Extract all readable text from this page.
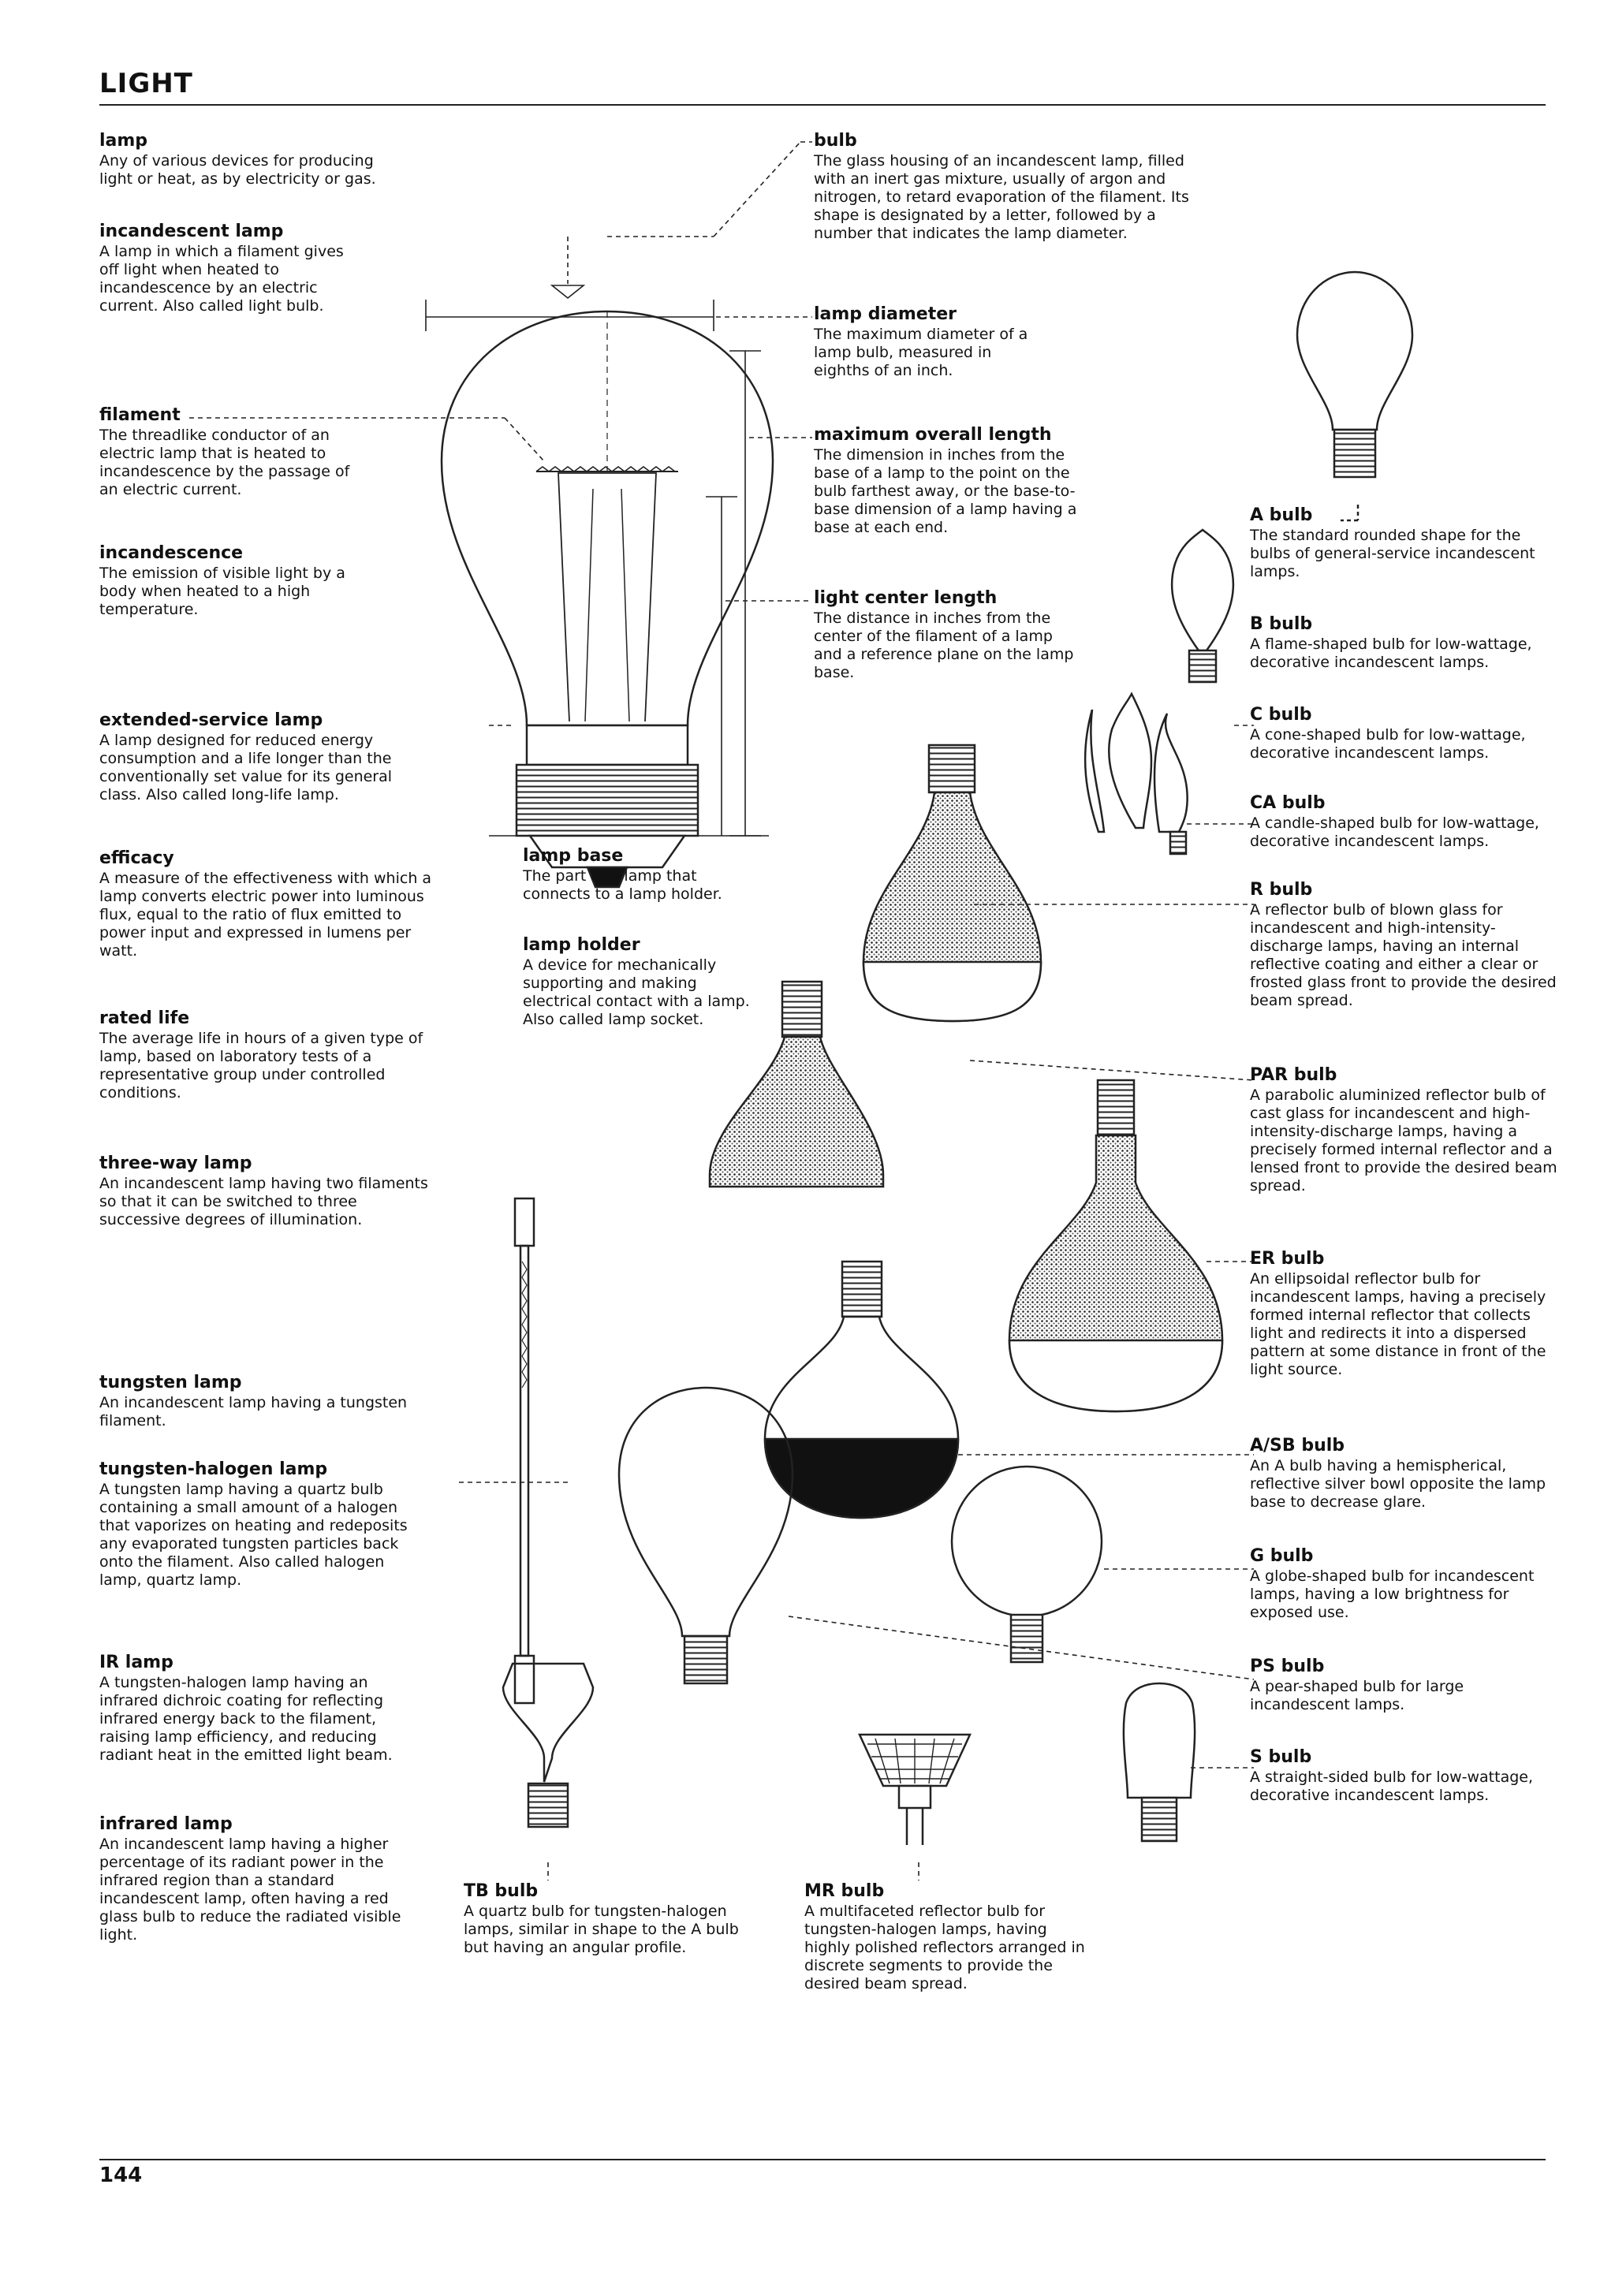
LIGHT
lamp
Any of various devices for producing light or heat, as by electricity or gas.
incandescent lamp
A lamp in which a filament gives off light when heated to incandescence by an electric current. Also called light bulb.
filament
The threadlike conductor of an electric lamp that is heated to incandescence by the passage of an electric current.
incandescence
The emission of visible light by a body when heated to a high temperature.
extended-service lamp
A lamp designed for reduced energy consumption and a life longer than the conventionally set value for its general class. Also called long-life lamp.
efficacy
A measure of the effectiveness with which a lamp converts electric power into luminous flux, equal to the ratio of flux emitted to power input and expressed in lumens per watt.
rated life
The average life in hours of a given type of lamp, based on laboratory tests of a representative group under controlled conditions.
three-way lamp
An incandescent lamp having two filaments so that it can be switched to three successive degrees of illumination.
tungsten lamp
An incandescent lamp having a tungsten filament.
tungsten-halogen lamp
A tungsten lamp having a quartz bulb containing a small amount of a halogen that vaporizes on heating and redeposits any evaporated tungsten particles back onto the filament. Also called halogen lamp, quartz lamp.
IR lamp
A tungsten-halogen lamp having an infrared dichroic coating for reflecting infrared energy back to the filament, raising lamp efficiency, and reducing radiant heat in the emitted light beam.
infrared lamp
An incandescent lamp having a higher percentage of its radiant power in the infrared region than a standard incandescent lamp, often having a red glass bulb to reduce the radiated visible light.
bulb
The glass housing of an incandescent lamp, filled with an inert gas mixture, usually of argon and nitrogen, to retard evaporation of the filament. Its shape is designated by a letter, followed by a number that indicates the lamp diameter.
lamp diameter
The maximum diameter of a lamp bulb, measured in eighths of an inch.
maximum overall length
The dimension in inches from the base of a lamp to the point on the bulb farthest away, or the base-to-base dimension of a lamp having a base at each end.
light center length
The distance in inches from the center of the filament of a lamp and a reference plane on the lamp base.
lamp base
The part of a lamp that connects to a lamp holder.
lamp holder
A device for mechanically supporting and making electrical contact with a lamp. Also called lamp socket.
TB bulb
A quartz bulb for tungsten-halogen lamps, similar in shape to the A bulb but having an angular profile.
MR bulb
A multifaceted reflector bulb for tungsten-halogen lamps, having highly polished reflectors arranged in discrete segments to provide the desired beam spread.
A bulb
The standard rounded shape for the bulbs of general-service incandescent lamps.
B bulb
A flame-shaped bulb for low-wattage, decorative incandescent lamps.
C bulb
A cone-shaped bulb for low-wattage, decorative incandescent lamps.
CA bulb
A candle-shaped bulb for low-wattage, decorative incandescent lamps.
R bulb
A reflector bulb of blown glass for incandescent and high-intensity-discharge lamps, having an internal reflective coating and either a clear or frosted glass front to provide the desired beam spread.
PAR bulb
A parabolic aluminized reflector bulb of cast glass for incandescent and high-intensity-discharge lamps, having a precisely formed internal reflector and a lensed front to provide the desired beam spread.
ER bulb
An ellipsoidal reflector bulb for incandescent lamps, having a precisely formed internal reflector that collects light and redirects it into a dispersed pattern at some distance in front of the light source.
A/SB bulb
An A bulb having a hemispherical, reflective silver bowl opposite the lamp base to decrease glare.
G bulb
A globe-shaped bulb for incandescent lamps, having a low brightness for exposed use.
PS bulb
A pear-shaped bulb for large incandescent lamps.
S bulb
A straight-sided bulb for low-wattage, decorative incandescent lamps.
144
